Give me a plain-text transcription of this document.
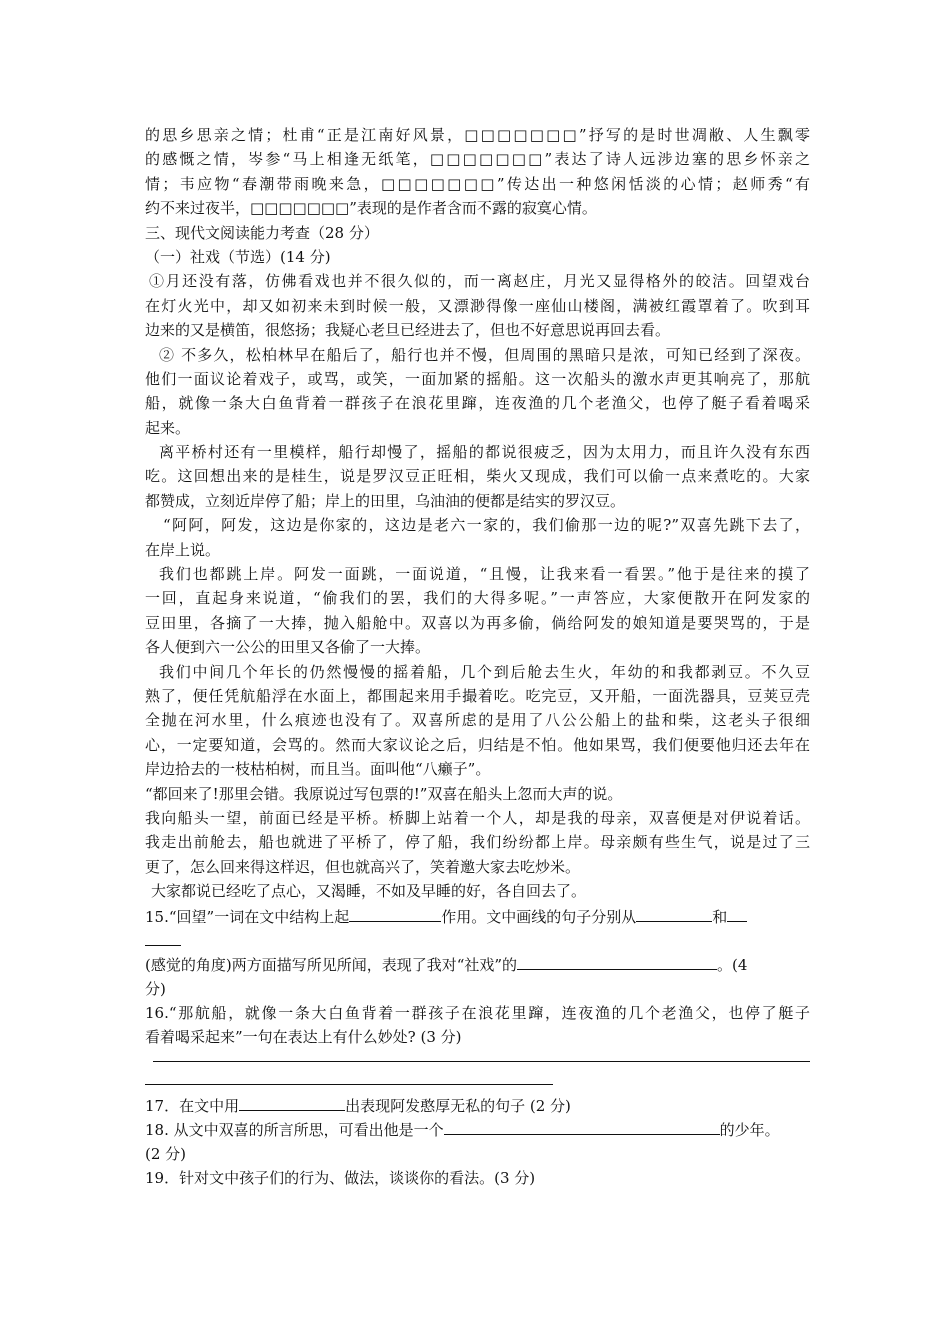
的思乡思亲之情；杜甫“正是江南好风景，□□□□□□□”抒写的是时世凋敝、人生飘零
的感慨之情，岑参“马上相逢无纸笔，□□□□□□□”表达了诗人远涉边塞的思乡怀亲之
情；韦应物“春潮带雨晚来急，□□□□□□□”传达出一种悠闲恬淡的心情；赵师秀“有
约不来过夜半，□□□□□□□”表现的是作者含而不露的寂寞心情。
三、现代文阅读能力考查（28 分）
（一）社戏（节选）(14 分)
①月还没有落，仿佛看戏也并不很久似的，而一离赵庄，月光又显得格外的皎洁。回望戏台
在灯火光中，却又如初来未到时候一般，又漂渺得像一座仙山楼阁，满被红霞罩着了。吹到耳
边来的又是横笛，很悠扬；我疑心老旦已经进去了，但也不好意思说再回去看。
② 不多久，松柏林早在船后了，船行也并不慢，但周围的黑暗只是浓，可知已经到了深夜。
他们一面议论着戏子，或骂，或笑，一面加紧的摇船。这一次船头的激水声更其响亮了，那航
船，就像一条大白鱼背着一群孩子在浪花里蹿，连夜渔的几个老渔父，也停了艇子看着喝采
起来。
离平桥村还有一里模样，船行却慢了，摇船的都说很疲乏，因为太用力，而且许久没有东西
吃。这回想出来的是桂生，说是罗汉豆正旺相，柴火又现成，我们可以偷一点来煮吃的。大家
都赞成，立刻近岸停了船；岸上的田里，乌油油的便都是结实的罗汉豆。
“阿阿，阿发，这边是你家的，这边是老六一家的，我们偷那一边的呢?”双喜先跳下去了，
在岸上说。
我们也都跳上岸。阿发一面跳，一面说道，“且慢，让我来看一看罢。”他于是往来的摸了
一回，直起身来说道，“偷我们的罢，我们的大得多呢。”一声答应，大家便散开在阿发家的
豆田里，各摘了一大捧，抛入船舱中。双喜以为再多偷，倘给阿发的娘知道是要哭骂的，于是
各人便到六一公公的田里又各偷了一大捧。
我们中间几个年长的仍然慢慢的摇着船，几个到后舱去生火，年幼的和我都剥豆。不久豆
熟了，便任凭航船浮在水面上，都围起来用手撮着吃。吃完豆，又开船，一面洗器具，豆荚豆壳
全抛在河水里，什么痕迹也没有了。双喜所虑的是用了八公公船上的盐和柴，这老头子很细
心，一定要知道，会骂的。然而大家议论之后，归结是不怕。他如果骂，我们便要他归还去年在
岸边拾去的一枝枯柏树，而且当。面叫他“八癞子”。
“都回来了!那里会错。我原说过写包票的!”双喜在船头上忽而大声的说。
我向船头一望，前面已经是平桥。桥脚上站着一个人，却是我的母亲，双喜便是对伊说着话。
我走出前舱去，船也就进了平桥了，停了船，我们纷纷都上岸。母亲颇有些生气，说是过了三
更了，怎么回来得这样迟，但也就高兴了，笑着邀大家去吃炒米。
大家都说已经吃了点心，又渴睡，不如及早睡的好，各自回去了。
15.“回望”一词在文中结构上起	作用。文中画线的句子分别从	和
(感觉的角度)两方面描写所见所闻，表现了我对“社戏”的	。(4
分)
16.“那航船，就像一条大白鱼背着一群孩子在浪花里蹿，连夜渔的几个老渔父，也停了艇子
看着喝采起来”一句在表达上有什么妙处? (3 分)
17．在文中用	出表现阿发憨厚无私的句子 (2 分)
18. 从文中双喜的所言所思，可看出他是一个	的少年。
(2 分)
19．针对文中孩子们的行为、做法，谈谈你的看法。(3 分)
